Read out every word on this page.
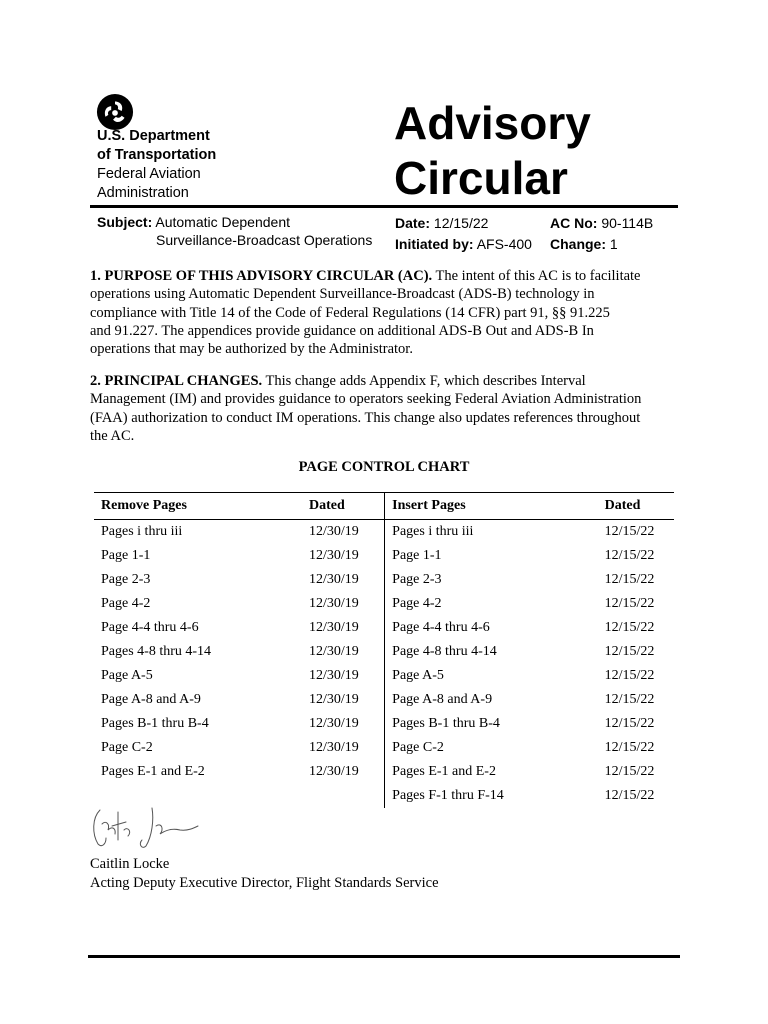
U.S. Department
of Transportation
Federal Aviation
Administration
Advisory
Circular
Subject: Automatic Dependent
Surveillance-Broadcast Operations
Date: 12/15/22
Initiated by: AFS-400
AC No: 90-114B
Change: 1
1. PURPOSE OF THIS ADVISORY CIRCULAR (AC). The intent of this AC is to facilitate
operations using Automatic Dependent Surveillance-Broadcast (ADS-B) technology in
compliance with Title 14 of the Code of Federal Regulations (14 CFR) part 91, §§ 91.225
and 91.227. The appendices provide guidance on additional ADS-B Out and ADS-B In
operations that may be authorized by the Administrator.
2. PRINCIPAL CHANGES. This change adds Appendix F, which describes Interval
Management (IM) and provides guidance to operators seeking Federal Aviation Administration
(FAA) authorization to conduct IM operations. This change also updates references throughout
the AC.
PAGE CONTROL CHART
Remove Pages	Dated	Insert Pages	Dated
Pages i thru iii	12/30/19	Pages i thru iii	12/15/22
Page 1-1	12/30/19	Page 1-1	12/15/22
Page 2-3	12/30/19	Page 2-3	12/15/22
Page 4-2	12/30/19	Page 4-2	12/15/22
Page 4-4 thru 4-6	12/30/19	Page 4-4 thru 4-6	12/15/22
Pages 4-8 thru 4-14	12/30/19	Page 4-8 thru 4-14	12/15/22
Page A-5	12/30/19	Page A-5	12/15/22
Page A-8 and A-9	12/30/19	Page A-8 and A-9	12/15/22
Pages B-1 thru B-4	12/30/19	Pages B-1 thru B-4	12/15/22
Page C-2	12/30/19	Page C-2	12/15/22
Pages E-1 and E-2	12/30/19	Pages E-1 and E-2	12/15/22
		Pages F-1 thru F-14	12/15/22
Caitlin Locke
Acting Deputy Executive Director, Flight Standards Service
